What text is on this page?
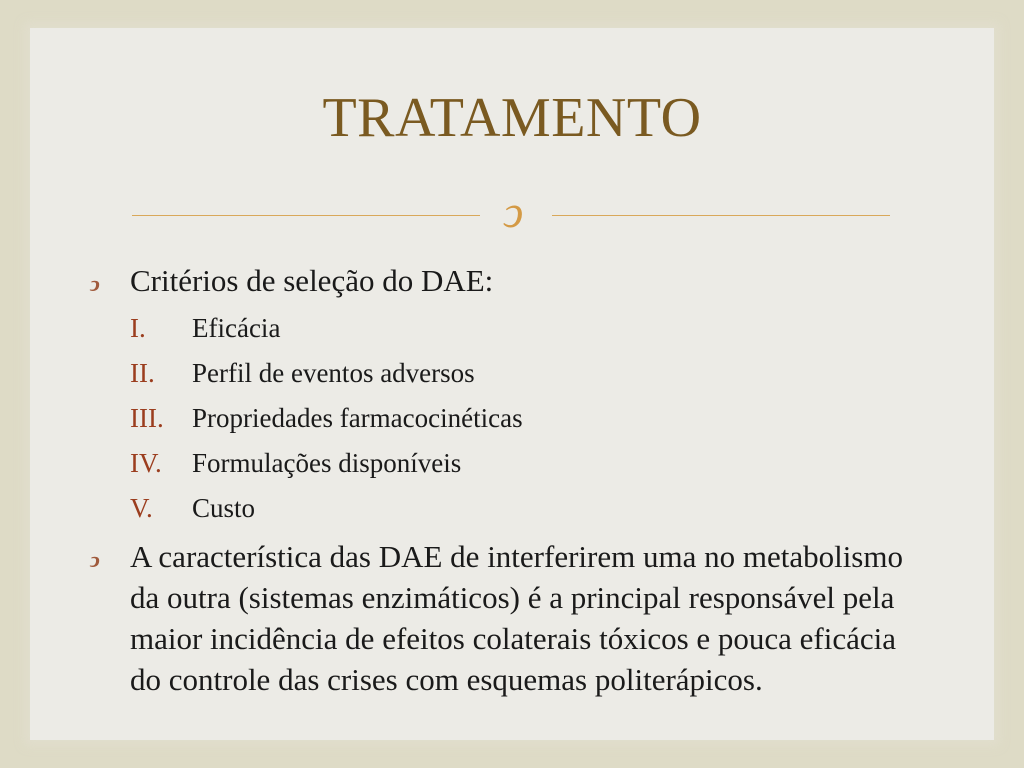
TRATAMENTO
ↄ
ↄ Critérios de seleção do DAE:
I.	Eficácia
II.	Perfil de eventos adversos
III.	Propriedades farmacocinéticas
IV.	Formulações disponíveis
V.	Custo
ↄ A característica das DAE de interferirem uma no metabolismo da outra (sistemas enzimáticos) é a principal responsável pela maior incidência de efeitos colaterais tóxicos e pouca eficácia do controle das crises com esquemas politerápicos.
